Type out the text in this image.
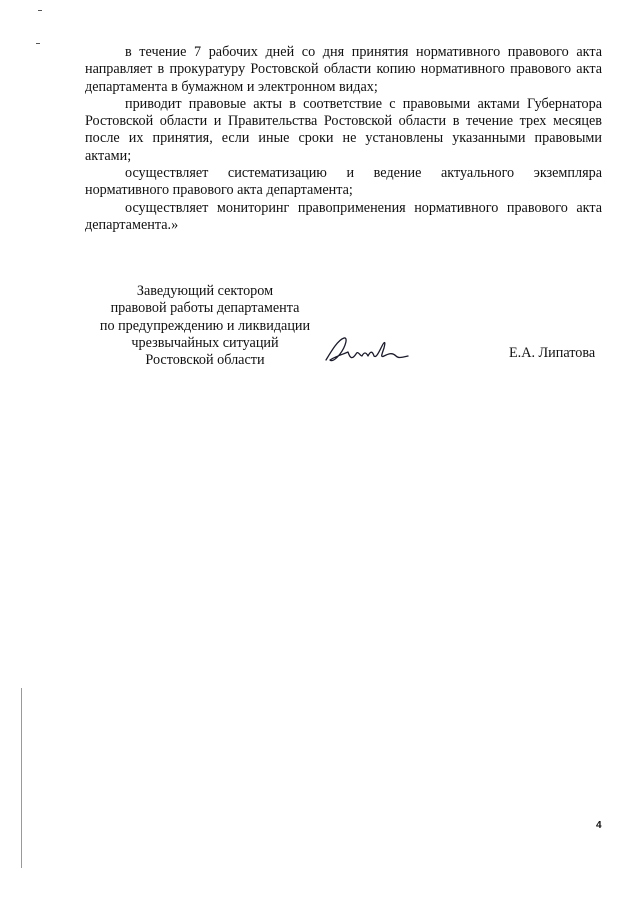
в течение 7 рабочих дней со дня принятия нормативного правового акта направляет в прокуратуру Ростовской области копию нормативного правового акта департамента в бумажном и электронном видах;

приводит правовые акты в соответствие с правовыми актами Губернатора Ростовской области и Правительства Ростовской области в течение трех месяцев после их принятия, если иные сроки не установлены указанными правовыми актами;

осуществляет систематизацию и ведение актуального экземпляра нормативного правового акта департамента;

осуществляет мониторинг правоприменения нормативного правового акта департамента.»

Заведующий сектором
правовой работы департамента
по предупреждению и ликвидации
чрезвычайных ситуаций
Ростовской области	Е.А. Липатова
4
